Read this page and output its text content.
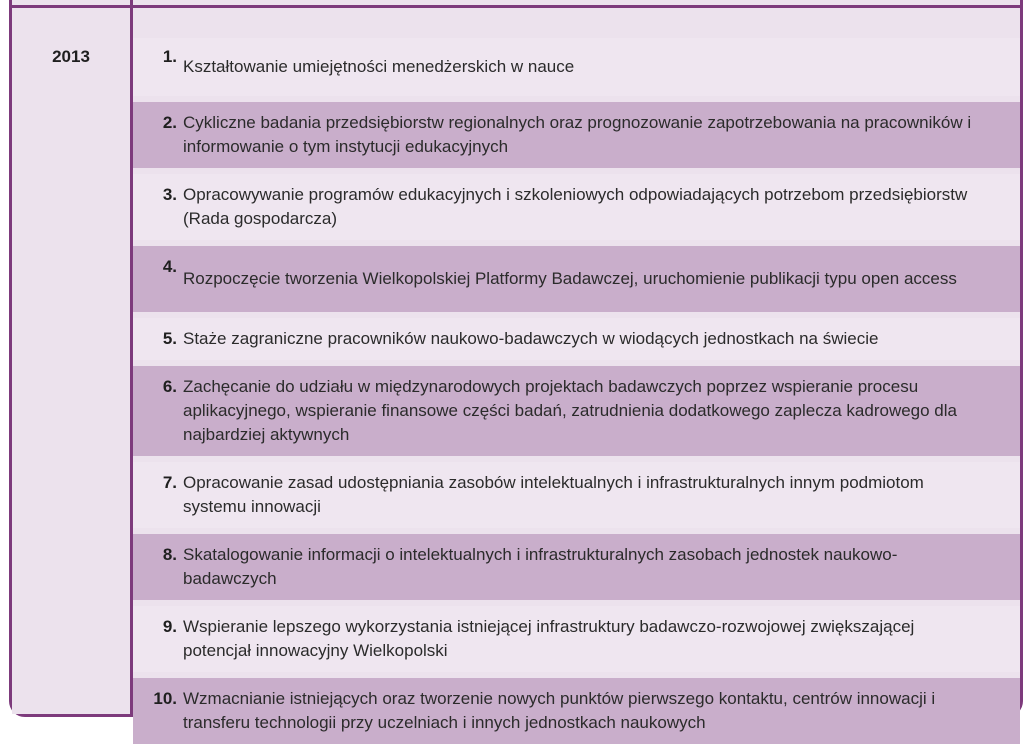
2013	1.
Kształtowanie umiejętności menedżerskich w nauce
2. Cykliczne badania przedsiębiorstw regionalnych oraz prognozowanie zapotrzebowania na pracowników i informowanie o tym instytucji edukacyjnych
3. Opracowywanie programów edukacyjnych i szkoleniowych odpowiadających potrzebom przedsiębiorstw (Rada gospodarcza)
4.
Rozpoczęcie tworzenia Wielkopolskiej Platformy Badawczej, uruchomienie publikacji typu open access
5. Staże zagraniczne pracowników naukowo-badawczych w wiodących jednostkach na świecie
6. Zachęcanie do udziału w międzynarodowych projektach badawczych poprzez wspieranie procesu aplikacyjnego, wspieranie finansowe części badań, zatrudnienia dodatkowego zaplecza kadrowego dla najbardziej aktywnych
7. Opracowanie zasad udostępniania zasobów intelektualnych i infrastrukturalnych innym podmiotom systemu innowacji
8. Skatalogowanie informacji o intelektualnych i infrastrukturalnych zasobach jednostek naukowo-badawczych
9. Wspieranie lepszego wykorzystania istniejącej infrastruktury badawczo-rozwojowej zwiększającej potencjał innowacyjny Wielkopolski
10. Wzmacnianie istniejących oraz tworzenie nowych punktów pierwszego kontaktu, centrów innowacji i transferu technologii przy uczelniach i innych jednostkach naukowych
